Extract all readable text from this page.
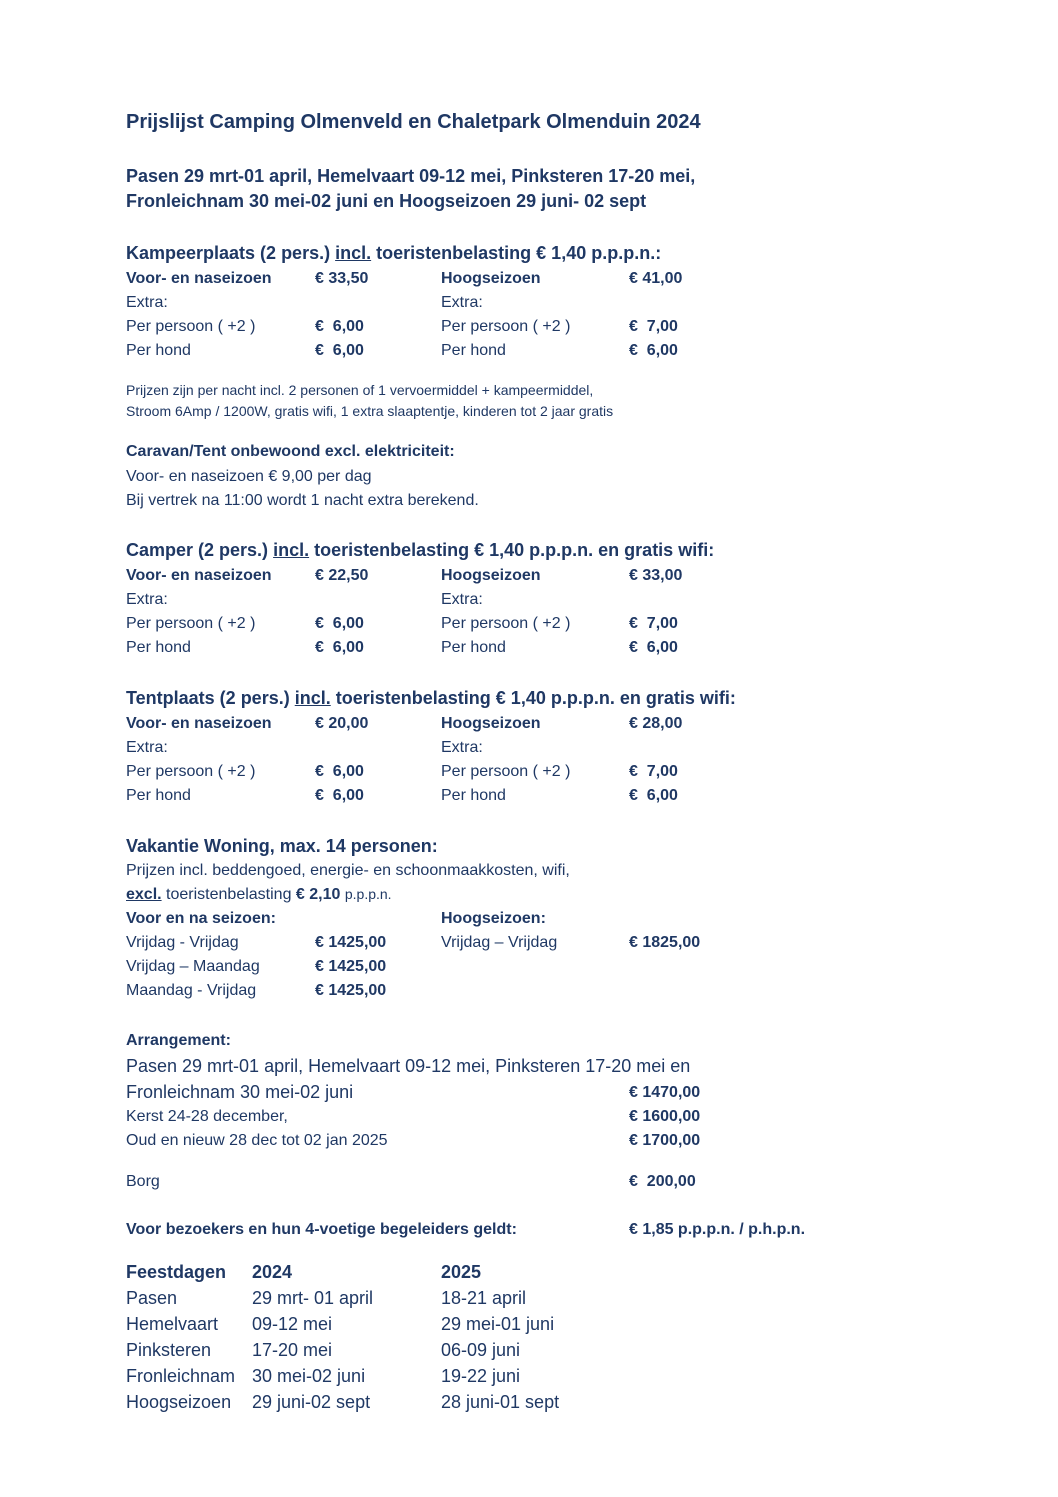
Prijslijst Camping Olmenveld en Chaletpark Olmenduin 2024
Pasen 29 mrt-01 april, Hemelvaart 09-12 mei, Pinksteren 17-20 mei,
Fronleichnam 30 mei-02 juni en Hoogseizoen 29 juni- 02 sept
Kampeerplaats (2 pers.) incl. toeristenbelasting € 1,40 p.p.p.n.:
Voor- en naseizoen	€ 33,50	Hoogseizoen	€ 41,00
Extra:	Extra:
Per persoon ( +2 )	€  6,00	Per persoon ( +2 )	€  7,00
Per hond	€  6,00	Per hond	€  6,00
Prijzen zijn per nacht incl. 2 personen of 1 vervoermiddel + kampeermiddel,
Stroom 6Amp / 1200W, gratis wifi, 1 extra slaaptentje, kinderen tot 2 jaar gratis
Caravan/Tent onbewoond excl. elektriciteit:
Voor- en naseizoen € 9,00 per dag
Bij vertrek na 11:00 wordt 1 nacht extra berekend.
Camper (2 pers.) incl. toeristenbelasting € 1,40 p.p.p.n. en gratis wifi:
Voor- en naseizoen	€ 22,50	Hoogseizoen	€ 33,00
Extra:	Extra:
Per persoon ( +2 )	€  6,00	Per persoon ( +2 )	€  7,00
Per hond	€  6,00	Per hond	€  6,00
Tentplaats (2 pers.) incl. toeristenbelasting € 1,40 p.p.p.n. en gratis wifi:
Voor- en naseizoen	€ 20,00	Hoogseizoen	€ 28,00
Extra:	Extra:
Per persoon ( +2 )	€  6,00	Per persoon ( +2 )	€  7,00
Per hond	€  6,00	Per hond	€  6,00
Vakantie Woning, max. 14 personen:
Prijzen incl. beddengoed, energie- en schoonmaakkosten, wifi,
excl. toeristenbelasting € 2,10 p.p.p.n.
Voor en na seizoen:	Hoogseizoen:
Vrijdag - Vrijdag	€ 1425,00	Vrijdag – Vrijdag	€ 1825,00
Vrijdag – Maandag	€ 1425,00
Maandag - Vrijdag	€ 1425,00
Arrangement:
Pasen 29 mrt-01 april, Hemelvaart 09-12 mei, Pinksteren 17-20 mei en
Fronleichnam 30 mei-02 juni	€ 1470,00
Kerst 24-28 december,	€ 1600,00
Oud en nieuw 28 dec tot 02 jan 2025	€ 1700,00
Borg	€  200,00
Voor bezoekers en hun 4-voetige begeleiders geldt:	€ 1,85 p.p.p.n. / p.h.p.n.
Feestdagen 2024	2025
Pasen	29 mrt- 01 april	18-21 april
Hemelvaart 09-12 mei	29 mei-01 juni
Pinksteren 17-20 mei	06-09 juni
Fronleichnam 30 mei-02 juni	19-22 juni
Hoogseizoen 29 juni-02 sept	28 juni-01 sept
